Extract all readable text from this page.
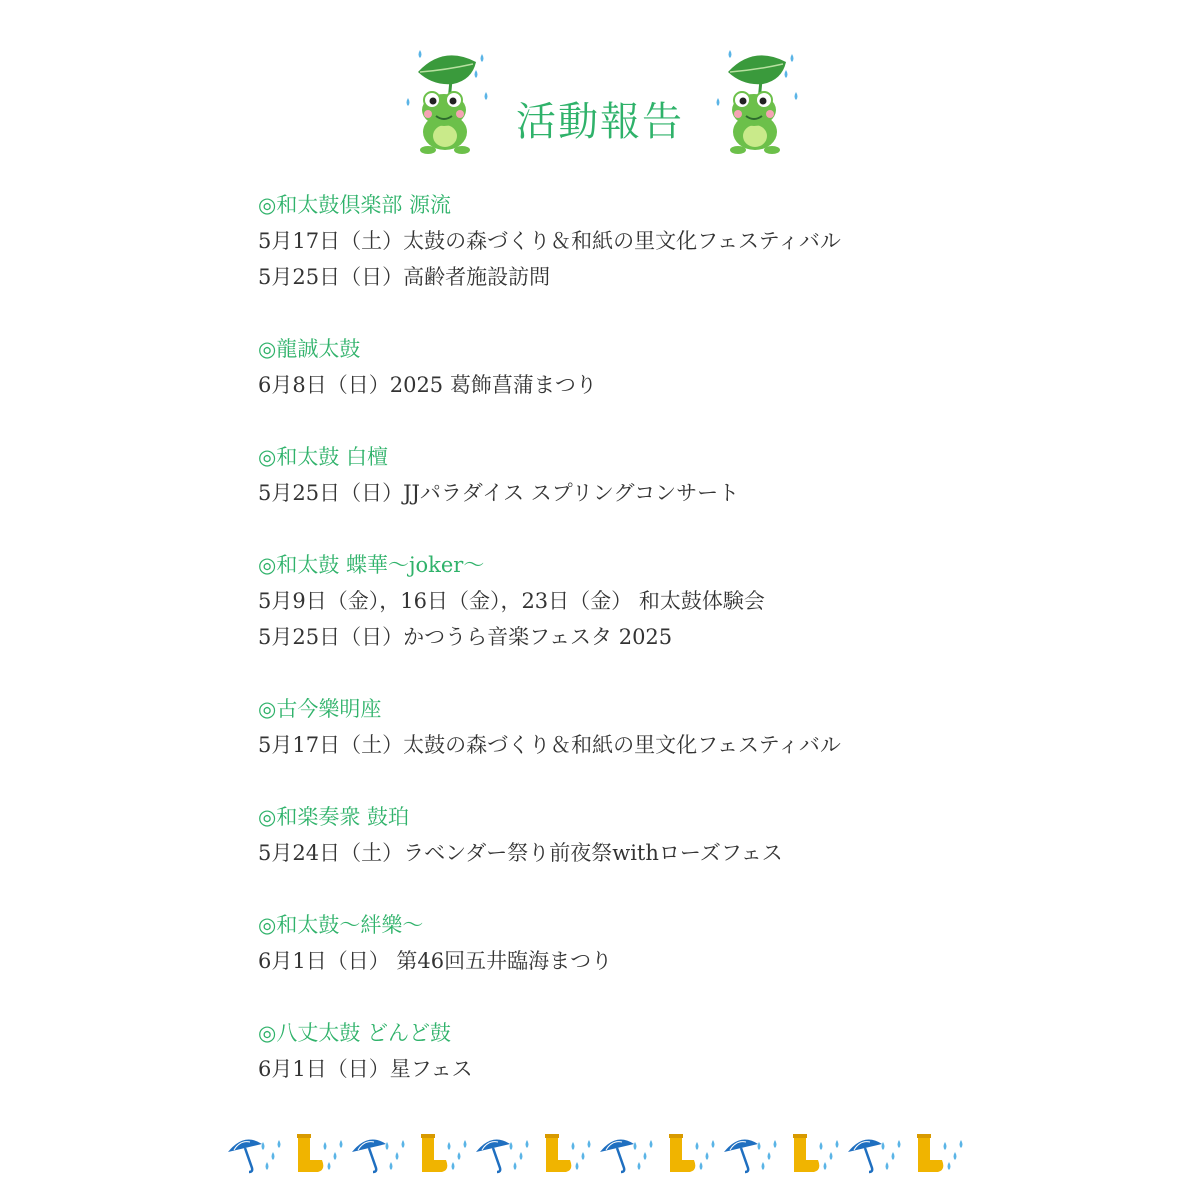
活動報告
◎和太鼓倶楽部 源流
5月17日（土）太鼓の森づくり＆和紙の里文化フェスティバル
5月25日（日）高齢者施設訪問
◎龍誠太鼓
6月8日（日）2025 葛飾菖蒲まつり
◎和太鼓 白檀
5月25日（日）JJパラダイス スプリングコンサート
◎和太鼓 蝶華〜joker〜
5月9日（金），16日（金），23日（金） 和太鼓体験会
5月25日（日）かつうら音楽フェスタ 2025
◎古今樂明座
5月17日（土）太鼓の森づくり＆和紙の里文化フェスティバル
◎和楽奏衆 鼓珀
5月24日（土）ラベンダー祭り前夜祭withローズフェス
◎和太鼓〜絆樂〜
6月1日（日） 第46回五井臨海まつり
◎八丈太鼓 どんど鼓
6月1日（日）星フェス
